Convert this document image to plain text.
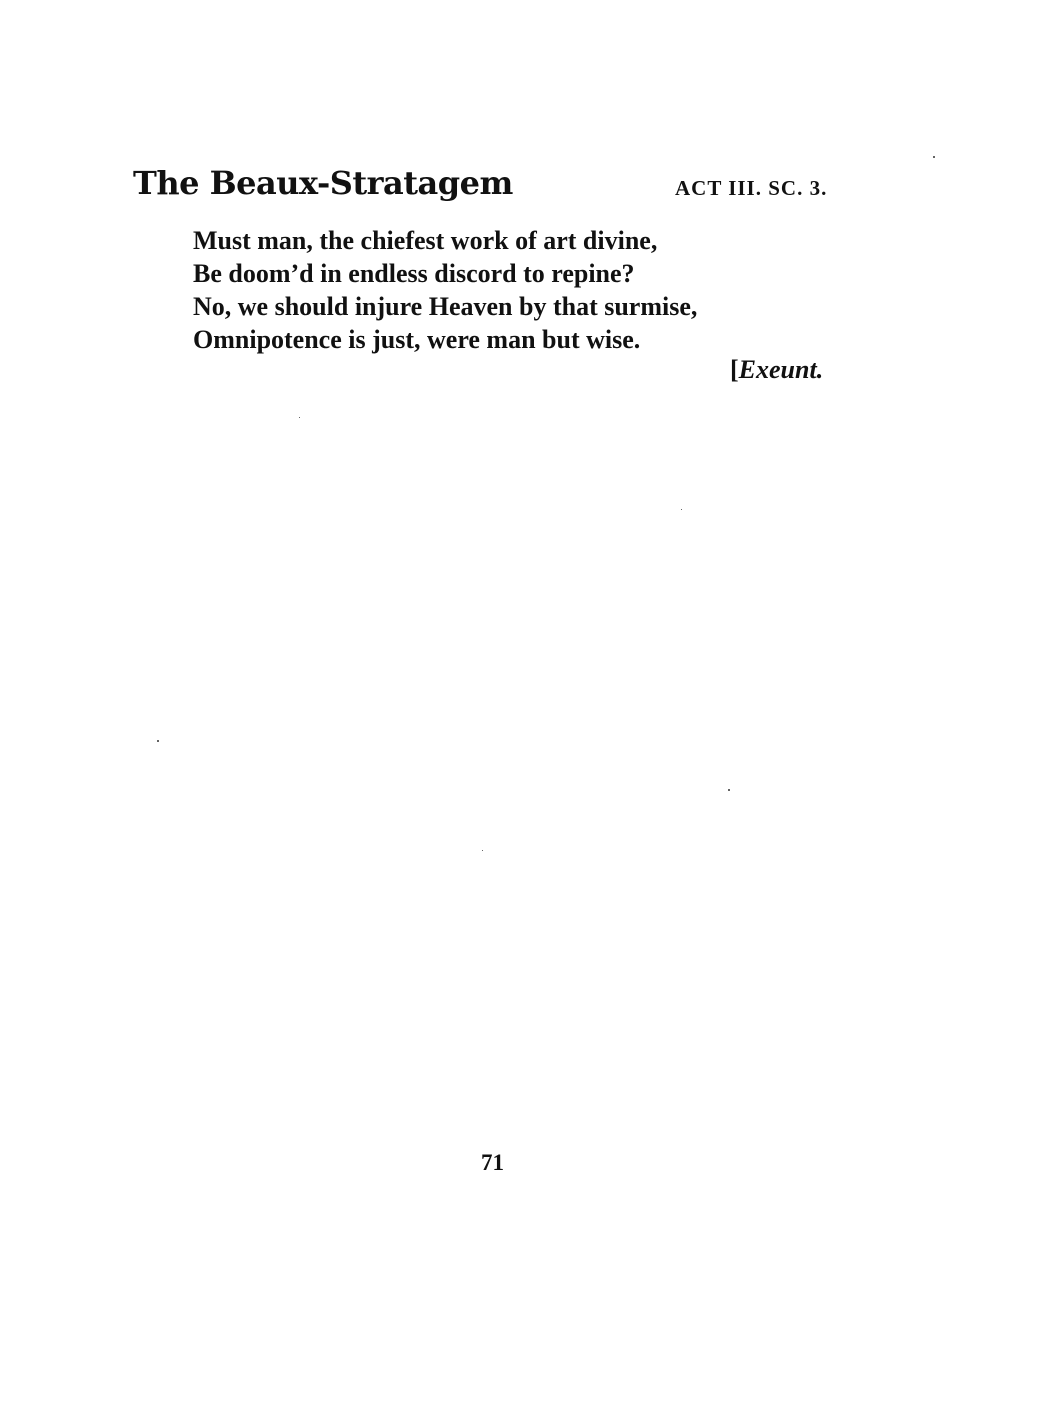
The Beaux-Stratagem	ACT III. SC. 3.
Must man, the chiefest work of art divine,
Be doom’d in endless discord to repine?
No, we should injure Heaven by that surmise,
Omnipotence is just, were man but wise.
[Exeunt.
71
